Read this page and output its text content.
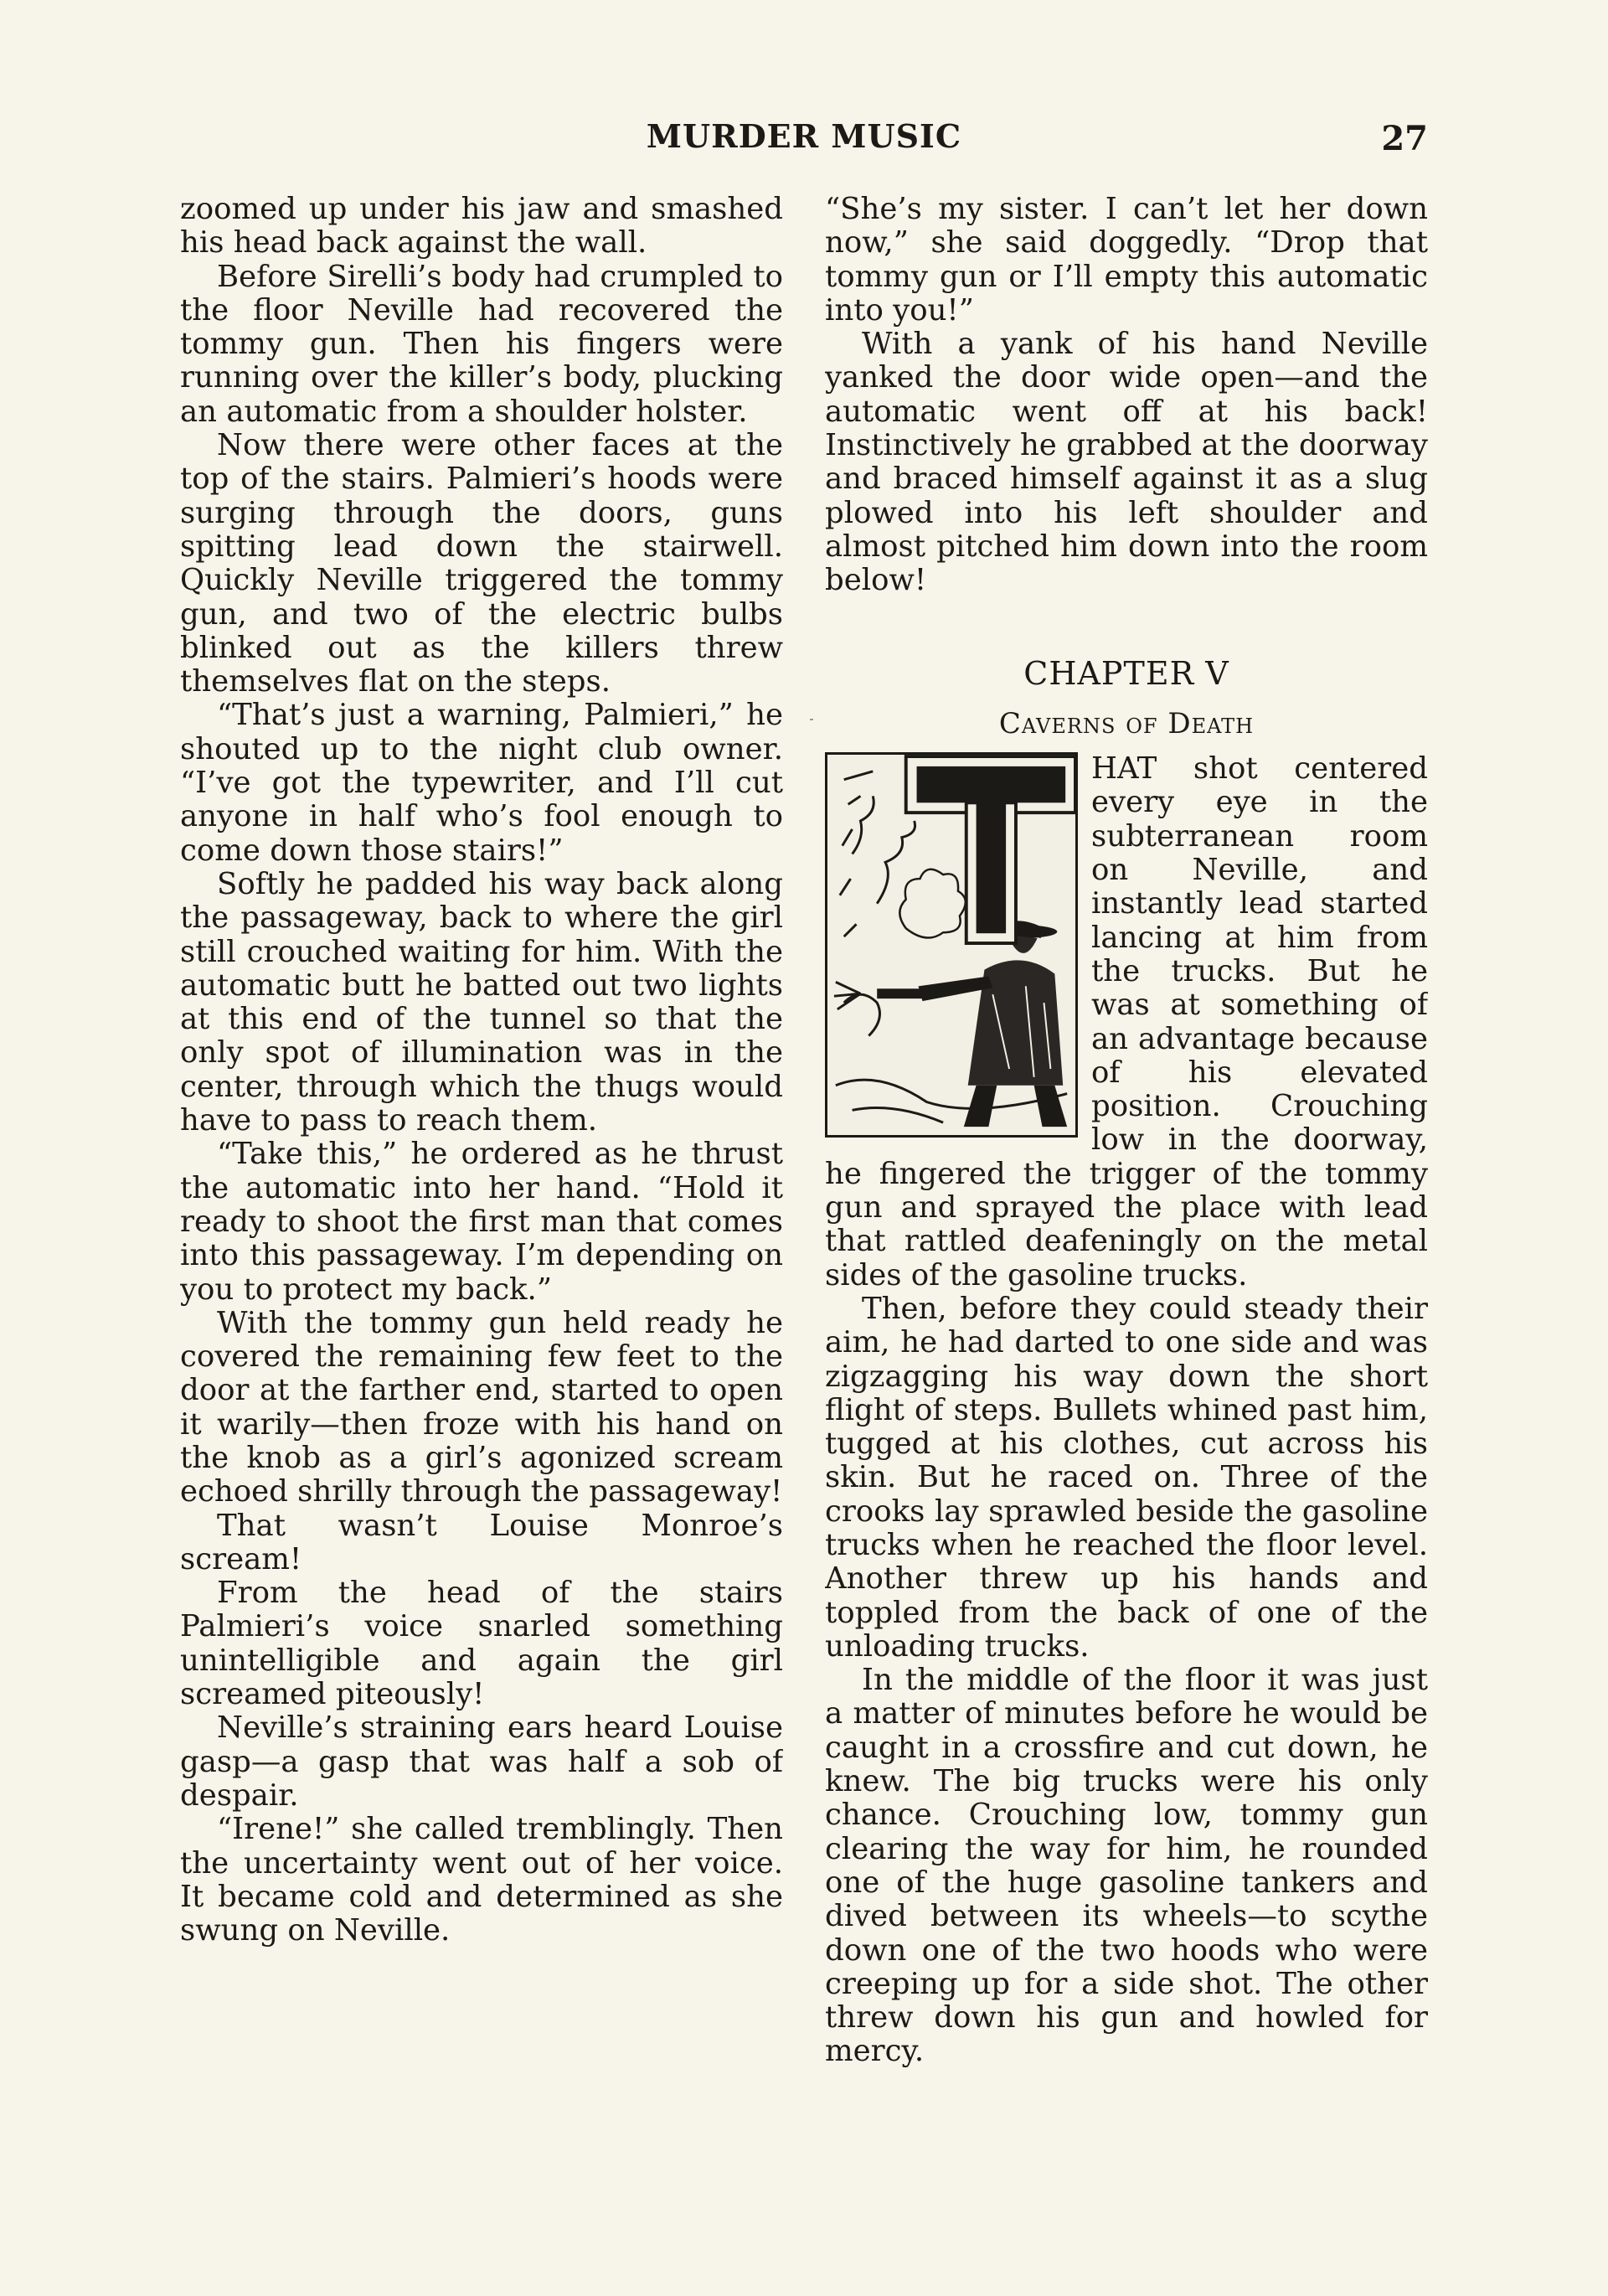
MURDER MUSIC	27

zoomed up under his jaw and smashed his head back against the wall.

Before Sirelli’s body had crumpled to the floor Neville had recovered the tommy gun. Then his fingers were running over the killer’s body, plucking an automatic from a shoulder holster.

Now there were other faces at the top of the stairs. Palmieri’s hoods were surging through the doors, guns spitting lead down the stairwell. Quickly Neville triggered the tommy gun, and two of the electric bulbs blinked out as the killers threw themselves flat on the steps.

“That’s just a warning, Palmieri,” he shouted up to the night club owner. “I’ve got the typewriter, and I’ll cut anyone in half who’s fool enough to come down those stairs!”

Softly he padded his way back along the passageway, back to where the girl still crouched waiting for him. With the automatic butt he batted out two lights at this end of the tunnel so that the only spot of illumination was in the center, through which the thugs would have to pass to reach them.

“Take this,” he ordered as he thrust the automatic into her hand. “Hold it ready to shoot the first man that comes into this passageway. I’m depending on you to protect my back.”

With the tommy gun held ready he covered the remaining few feet to the door at the farther end, started to open it warily—then froze with his hand on the knob as a girl’s agonized scream echoed shrilly through the passageway!

That wasn’t Louise Monroe’s scream!

From the head of the stairs Palmieri’s voice snarled something unintelligible and again the girl screamed piteously!

Neville’s straining ears heard Louise gasp—a gasp that was half a sob of despair.

“Irene!” she called tremblingly. Then the uncertainty went out of her voice. It became cold and determined as she swung on Neville.

“She’s my sister. I can’t let her down now,” she said doggedly. “Drop that tommy gun or I’ll empty this automatic into you!”

With a yank of his hand Neville yanked the door wide open—and the automatic went off at his back! Instinctively he grabbed at the doorway and braced himself against it as a slug plowed into his left shoulder and almost pitched him down into the room below!

CHAPTER V
Caverns of Death

HAT shot centered every eye in the subterranean room on Neville, and instantly lead started lancing at him from the trucks. But he was at something of an advantage because of his elevated position. Crouching low in the doorway, he fingered the trigger of the tommy gun and sprayed the place with lead that rattled deafeningly on the metal sides of the gasoline trucks.

Then, before they could steady their aim, he had darted to one side and was zigzagging his way down the short flight of steps. Bullets whined past him, tugged at his clothes, cut across his skin. But he raced on. Three of the crooks lay sprawled beside the gasoline trucks when he reached the floor level. Another threw up his hands and toppled from the back of one of the unloading trucks.

In the middle of the floor it was just a matter of minutes before he would be caught in a crossfire and cut down, he knew. The big trucks were his only chance. Crouching low, tommy gun clearing the way for him, he rounded one of the huge gasoline tankers and dived between its wheels—to scythe down one of the two hoods who were creeping up for a side shot. The other threw down his gun and howled for mercy.
